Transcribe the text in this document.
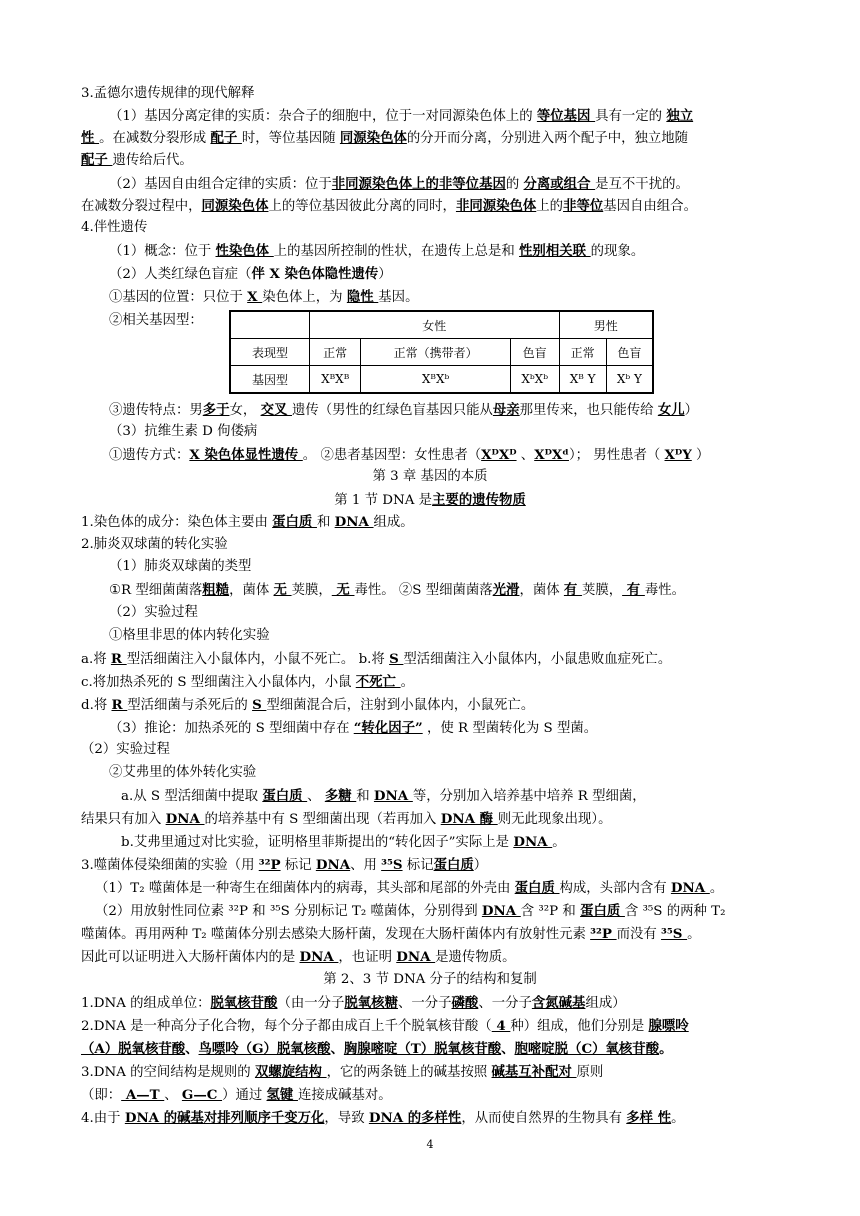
3.孟德尔遗传规律的现代解释
（1）基因分离定律的实质：杂合子的细胞中，位于一对同源染色体上的 等位基因 具有一定的 独立
性 。在减数分裂形成 配子 时，等位基因随 同源染色体的分开而分离，分别进入两个配子中，独立地随
配子 遗传给后代。
（2）基因自由组合定律的实质：位于非同源染色体上的非等位基因的 分离或组合 是互不干扰的。
在减数分裂过程中，同源染色体上的等位基因彼此分离的同时，非同源染色体上的非等位基因自由组合。
4.伴性遗传
（1）概念：位于 性染色体 上的基因所控制的性状，在遗传上总是和 性别相关联 的现象。
（2）人类红绿色盲症（伴 X 染色体隐性遗传）
①基因的位置：只位于 X 染色体上，为 隐性 基因。
②相关基因型：
		女性			男性	
表现型	正常	正常（携带者）	色盲	正常	色盲
基因型	XᴮXᴮ	XᴮXᵇ	XᵇXᵇ	Xᴮ Y	Xᵇ Y
③遗传特点：男多于女， 交叉 遗传（男性的红绿色盲基因只能从母亲那里传来，也只能传给 女儿）
（3）抗维生素 D 佝偻病
①遗传方式：X 染色体显性遗传 。 ②患者基因型：女性患者（XᴰXᴰ 、XᴰXᵈ）； 男性患者（ XᴰY ）
第 3 章 基因的本质
第 1 节 DNA 是主要的遗传物质
1.染色体的成分：染色体主要由 蛋白质 和 DNA 组成。
2.肺炎双球菌的转化实验
（1）肺炎双球菌的类型
①R 型细菌菌落粗糙，菌体 无 荚膜， 无 毒性。 ②S 型细菌菌落光滑，菌体 有 荚膜， 有 毒性。
（2）实验过程
①格里非思的体内转化实验
a.将 R 型活细菌注入小鼠体内，小鼠不死亡。 b.将 S 型活细菌注入小鼠体内，小鼠患败血症死亡。
c.将加热杀死的 S 型细菌注入小鼠体内，小鼠 不死亡 。
d.将 R 型活细菌与杀死后的 S 型细菌混合后，注射到小鼠体内，小鼠死亡。
（3）推论：加热杀死的 S 型细菌中存在 “转化因子” ，使 R 型菌转化为 S 型菌。
（2）实验过程
②艾弗里的体外转化实验
a.从 S 型活细菌中提取 蛋白质 、 多糖 和 DNA 等，分别加入培养基中培养 R 型细菌，
结果只有加入 DNA 的培养基中有 S 型细菌出现（若再加入 DNA 酶 则无此现象出现）。
b.艾弗里通过对比实验，证明格里菲斯提出的“转化因子”实际上是 DNA 。
3.噬菌体侵染细菌的实验（用 ³²P 标记 DNA、用 ³⁵S 标记蛋白质）
（1）T₂ 噬菌体是一种寄生在细菌体内的病毒，其头部和尾部的外壳由 蛋白质 构成，头部内含有 DNA 。
（2）用放射性同位素 ³²P 和 ³⁵S 分别标记 T₂ 噬菌体，分别得到 DNA 含 ³²P 和 蛋白质 含 ³⁵S 的两种 T₂
噬菌体。再用两种 T₂ 噬菌体分别去感染大肠杆菌，发现在大肠杆菌体内有放射性元素 ³²P 而没有 ³⁵S 。
因此可以证明进入大肠杆菌体内的是 DNA ，也证明 DNA 是遗传物质。
第 2、3 节 DNA 分子的结构和复制
1.DNA 的组成单位：脱氧核苷酸（由一分子脱氧核糖、一分子磷酸、一分子含氮碱基组成）
2.DNA 是一种高分子化合物，每个分子都由成百上千个脱氧核苷酸（ 4 种）组成，他们分别是 腺嘌呤
（A）脱氧核苷酸、鸟嘌呤（G）脱氧核酸、胸腺嘧啶（T）脱氧核苷酸、胞嘧啶脱（C）氧核苷酸。
3.DNA 的空间结构是规则的 双螺旋结构 ，它的两条链上的碱基按照 碱基互补配对 原则
（即： A—T 、 G—C ）通过 氢键 连接成碱基对。
4.由于 DNA 的碱基对排列顺序千变万化，导致 DNA 的多样性，从而使自然界的生物具有 多样 性。
4
